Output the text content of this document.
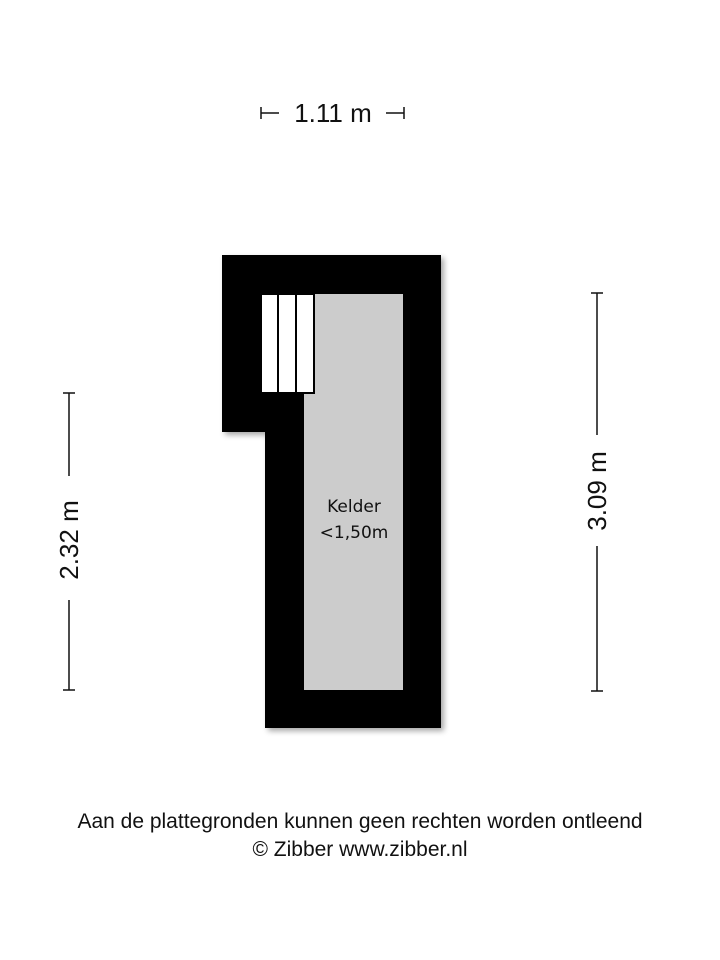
1.11 m
2.32 m
3.09 m
Kelder
<1,50m
Aan de plattegronden kunnen geen rechten worden ontleend
© Zibber www.zibber.nl
